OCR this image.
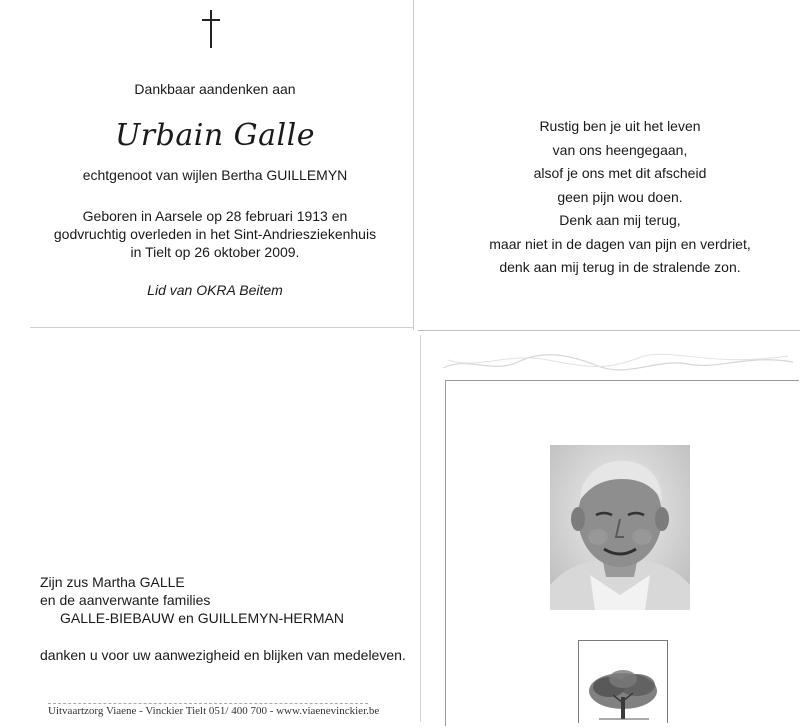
Dankbaar aandenken aan
Urbain Galle
echtgenoot van wijlen Bertha GUILLEMYN
Geboren in Aarsele op 28 februari 1913 en
godvruchtig overleden in het Sint-Andriesziekenhuis
in Tielt op 26 oktober 2009.
Lid van OKRA Beitem
Rustig ben je uit het leven
van ons heengegaan,
alsof je ons met dit afscheid
geen pijn wou doen.
Denk aan mij terug,
maar niet in de dagen van pijn en verdriet,
denk aan mij terug in de stralende zon.
Zijn zus Martha GALLE
en de aanverwante families
GALLE-BIEBAUW en GUILLEMYN-HERMAN
danken u voor uw aanwezigheid en blijken van medeleven.
Uitvaartzorg Viaene - Vinckier Tielt 051/ 400 700 - www.viaenevinckier.be
